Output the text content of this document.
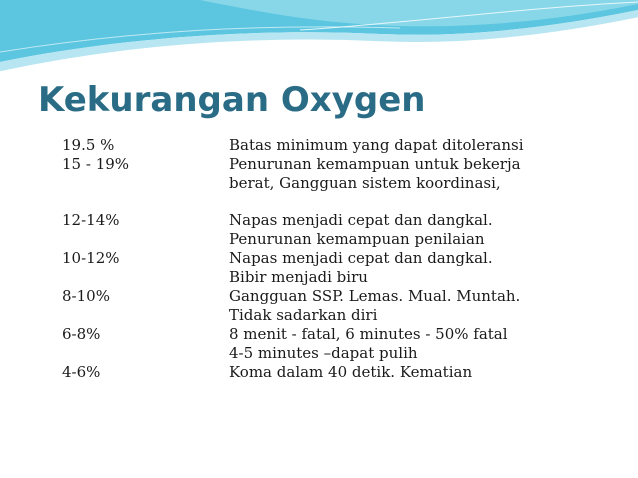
Kekurangan Oxygen
19.5 %	Batas minimum yang dapat ditoleransi
15 - 19%	Penurunan kemampuan untuk bekerja
berat, Gangguan sistem koordinasi,
12-14%	Napas menjadi cepat dan dangkal.
Penurunan kemampuan penilaian
10-12%	Napas menjadi cepat dan dangkal.
Bibir menjadi biru
8-10%	Gangguan SSP. Lemas. Mual. Muntah.
Tidak sadarkan diri
6-8%	8 menit - fatal, 6 minutes - 50% fatal
4-5 minutes –dapat pulih
4-6%	Koma dalam 40 detik. Kematian
